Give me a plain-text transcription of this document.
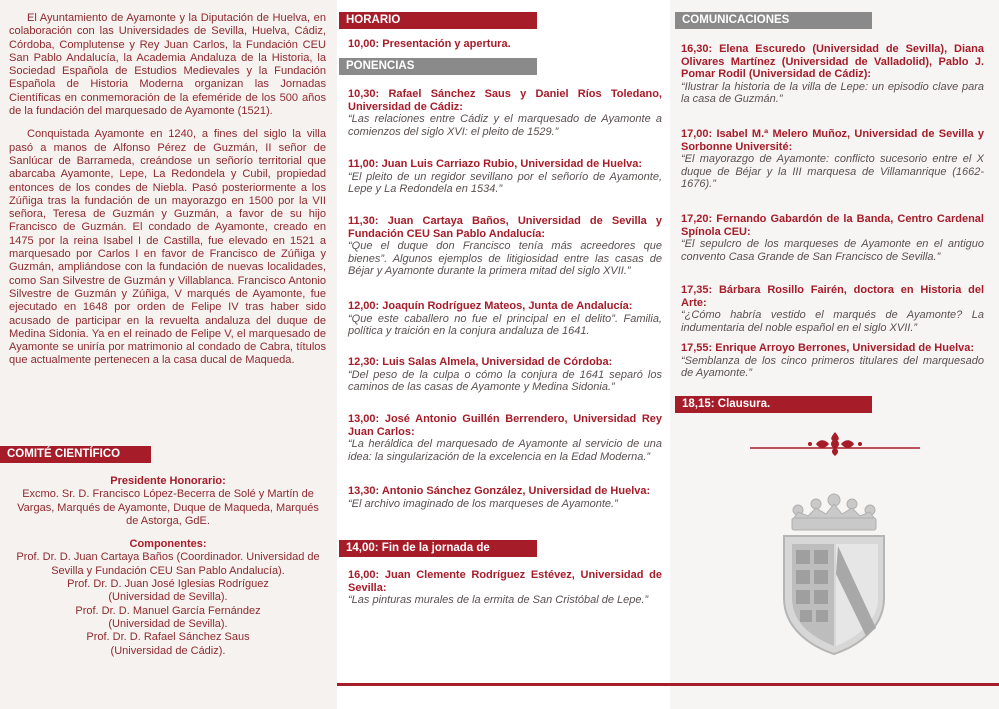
El Ayuntamiento de Ayamonte y la Diputación de Huelva, en colaboración con las Universidades de Sevilla, Huelva, Cádiz, Córdoba, Complutense y Rey Juan Carlos, la Fundación CEU San Pablo Andalucía, la Academia Andaluza de la Historia, la Sociedad Española de Estudios Medievales y la Fundación Española de Historia Moderna organizan las Jornadas Científicas en conmemoración de la efeméride de los 500 años de la fundación del marquesado de Ayamonte (1521).

Conquistada Ayamonte en 1240, a fines del siglo la villa pasó a manos de Alfonso Pérez de Guzmán, II señor de Sanlúcar de Barrameda, creándose un señorío territorial que abarcaba Ayamonte, Lepe, La Redondela y Cubil, propiedad entonces de los condes de Niebla. Pasó posteriormente a los Zúñiga tras la fundación de un mayorazgo en 1500 por la VII señora, Teresa de Guzmán y Guzmán, a favor de su hijo Francisco de Guzmán. El condado de Ayamonte, creado en 1475 por la reina Isabel I de Castilla, fue elevado en 1521 a marquesado por Carlos I en favor de Francisco de Zúñiga y Guzmán, ampliándose con la fundación de nuevas localidades, como San Silvestre de Guzmán y Villablanca. Francisco Antonio Silvestre de Guzmán y Zúñiga, V marqués de Ayamonte, fue ejecutado en 1648 por orden de Felipe IV tras haber sido acusado de participar en la revuelta andaluza del duque de Medina Sidonia. Ya en el reinado de Felipe V, el marquesado de Ayamonte se uniría por matrimonio al condado de Cabra, títulos que actualmente pertenecen a la casa ducal de Maqueda.

COMITÉ CIENTÍFICO
Presidente Honorario:
Excmo. Sr. D. Francisco López-Becerra de Solé y Martín de Vargas, Marqués de Ayamonte, Duque de Maqueda, Marqués de Astorga, GdE.
Componentes:
Prof. Dr. D. Juan Cartaya Baños (Coordinador. Universidad de Sevilla y Fundación CEU San Pablo Andalucía).
Prof. Dr. D. Juan José Iglesias Rodríguez (Universidad de Sevilla).
Prof. Dr. D. Manuel García Fernández (Universidad de Sevilla).
Prof. Dr. D. Rafael Sánchez Saus (Universidad de Cádiz).
HORARIO
10,00: Presentación y apertura.
PONENCIAS
10,30: Rafael Sánchez Saus y Daniel Ríos Toledano, Universidad de Cádiz:
“Las relaciones entre Cádiz y el marquesado de Ayamonte a comienzos del siglo XVI: el pleito de 1529.”
11,00: Juan Luis Carriazo Rubio, Universidad de Huelva:
“El pleito de un regidor sevillano por el señorío de Ayamonte, Lepe y La Redondela en 1534.”
11,30: Juan Cartaya Baños, Universidad de Sevilla y Fundación CEU San Pablo Andalucía:
“Que el duque don Francisco tenía más acreedores que bienes”. Algunos ejemplos de litigiosidad entre las casas de Béjar y Ayamonte durante la primera mitad del siglo XVII.”
12,00: Joaquín Rodríguez Mateos, Junta de Andalucía:
“Que este caballero no fue el principal en el delito”. Familia, política y traición en la conjura andaluza de 1641.
12,30: Luis Salas Almela, Universidad de Córdoba:
“Del peso de la culpa o cómo la conjura de 1641 separó los caminos de las casas de Ayamonte y Medina Sidonia.”
13,00: José Antonio Guillén Berrendero, Universidad Rey Juan Carlos:
“La heráldica del marquesado de Ayamonte al servicio de una idea: la singularización de la excelencia en la Edad Moderna.”
13,30: Antonio Sánchez González, Universidad de Huelva:
“El archivo imaginado de los marqueses de Ayamonte.”
14,00: Fin de la jornada de mañana.
16,00: Juan Clemente Rodríguez Estévez, Universidad de Sevilla:
“Las pinturas murales de la ermita de San Cristóbal de Lepe.”
COMUNICACIONES
16,30: Elena Escuredo (Universidad de Sevilla), Diana Olivares Martínez (Universidad de Valladolid), Pablo J. Pomar Rodil (Universidad de Cádiz):
“Ilustrar la historia de la villa de Lepe: un episodio clave para la casa de Guzmán.”
17,00: Isabel M.ª Melero Muñoz, Universidad de Sevilla y Sorbonne Université:
“El mayorazgo de Ayamonte: conflicto sucesorio entre el X duque de Béjar y la III marquesa de Villamanrique (1662-1676).”
17,20: Fernando Gabardón de la Banda, Centro Cardenal Spínola CEU:
“El sepulcro de los marqueses de Ayamonte en el antiguo convento Casa Grande de San Francisco de Sevilla.”
17,35: Bárbara Rosillo Fairén, doctora en Historia del Arte:
“¿Cómo habría vestido el marqués de Ayamonte? La indumentaria del noble español en el siglo XVII.”
17,55: Enrique Arroyo Berrones, Universidad de Huelva:
“Semblanza de los cinco primeros titulares del marquesado de Ayamonte.”
18,15: Clausura.
